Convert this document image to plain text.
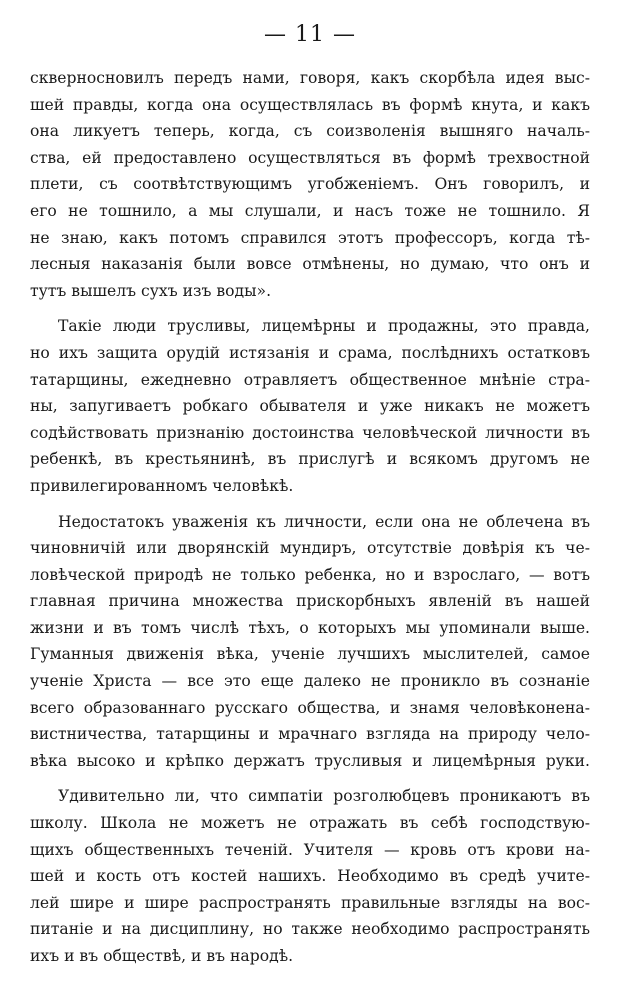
— 11 —
скверносновилъ передъ нами, говоря, какъ скорбѣла идея выс-
шей правды, когда она осуществлялась въ формѣ кнута, и какъ
она ликуетъ теперь, когда, съ соизволенія вышняго началь-
ства, ей предоставлено осуществляться въ формѣ трехвостной
плети, съ соотвѣтствующимъ угобженіемъ. Онъ говорилъ, и
его не тошнило, а мы слушали, и насъ тоже не тошнило. Я
не знаю, какъ потомъ справился этотъ профессоръ, когда тѣ-
лесныя наказанія были вовсе отмѣнены, но думаю, что онъ и
тутъ вышелъ сухъ изъ воды».
Такіе люди трусливы, лицемѣрны и продажны, это правда,
но ихъ защита орудій истязанія и срама, послѣднихъ остатковъ
татарщины, ежедневно отравляетъ общественное мнѣніе стра-
ны, запугиваетъ робкаго обывателя и уже никакъ не можетъ
содѣйствовать признанію достоинства человѣческой личности въ
ребенкѣ, въ крестьянинѣ, въ прислугѣ и всякомъ другомъ не
привилегированномъ человѣкѣ.
Недостатокъ уваженія къ личности, если она не облечена въ
чиновничій или дворянскій мундиръ, отсутствіе довѣрія къ че-
ловѣческой природѣ не только ребенка, но и взрослаго, — вотъ
главная причина множества прискорбныхъ явленій въ нашей
жизни и въ томъ числѣ тѣхъ, о которыхъ мы упоминали выше.
Гуманныя движенія вѣка, ученіе лучшихъ мыслителей, самое
ученіе Христа — все это еще далеко не проникло въ сознаніе
всего образованнаго русскаго общества, и знамя человѣконена-
вистничества, татарщины и мрачнаго взгляда на природу чело-
вѣка высоко и крѣпко держатъ трусливыя и лицемѣрныя руки.
Удивительно ли, что симпатіи розголюбцевъ проникаютъ въ
школу. Школа не можетъ не отражать въ себѣ господствую-
щихъ общественныхъ теченій. Учителя — кровь отъ крови на-
шей и кость отъ костей нашихъ. Необходимо въ средѣ учите-
лей шире и шире распространять правильные взгляды на вос-
питаніе и на дисциплину, но также необходимо распространять
ихъ и въ обществѣ, и въ народѣ.
